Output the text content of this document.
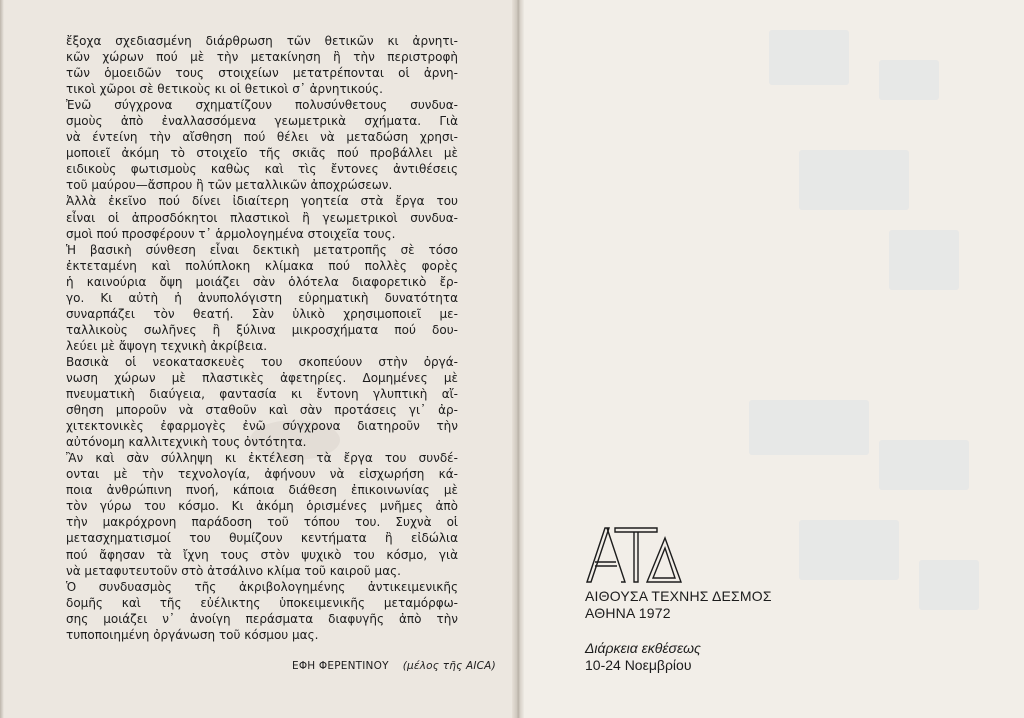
ἔξοχα σχεδιασμένη διάρθρωση τῶν θετικῶν κι ἀρνητι-
κῶν χώρων πού μὲ τὴν μετακίνηση ἢ τὴν περιστροφὴ
τῶν ὁμοειδῶν τους στοιχείων μετατρέπονται οἱ ἀρνη-
τικοὶ χῶροι σὲ θετικοὺς κι οἱ θετικοὶ σ᾽ ἀρνητικούς.
Ἐνῶ σύγχρονα σχηματίζουν πολυσύνθετους συνδυα-
σμοὺς ἀπὸ ἐναλλασσόμενα γεωμετρικὰ σχήματα. Γιὰ
νὰ έντείνη τὴν αἴσθηση πού θέλει νὰ μεταδώση χρησι-
μοποιεῖ ἀκόμη τὸ στοιχεῖο τῆς σκιᾶς πού προβάλλει μὲ
ειδικοὺς φωτισμοὺς καθὼς καὶ τὶς ἔντονες ἀντιθέσεις
τοῦ μαύρου—ἄσπρου ἢ τῶν μεταλλικῶν ἀποχρώσεων.
Ἀλλὰ ἐκεῖνο πού δίνει ἰδιαίτερη γοητεία στὰ ἔργα του
εἶναι οἱ ἀπροσδόκητοι πλαστικοὶ ἢ γεωμετρικοὶ συνδυα-
σμοὶ πού προσφέρουν τ᾽ ἁρμολογημένα στοιχεῖα τους.
Ἡ βασικὴ σύνθεση εἶναι δεκτικὴ μετατροπῆς σὲ τόσο
ἐκτεταμένη καὶ πολύπλοκη κλίμακα πού πολλὲς φορὲς
ἡ καινούρια ὄψη μοιάζει σὰν ὁλότελα διαφορετικὸ ἔρ-
γο. Κι αὐτὴ ἡ ἀνυπολόγιστη εὑρηματικὴ δυνατότητα
συναρπάζει τὸν θεατή. Σὰν ὑλικὸ χρησιμοποιεῖ με-
ταλλικοὺς σωλῆνες ἢ ξύλινα μικροσχήματα πού δου-
λεύει μὲ ἄψογη τεχνικὴ ἀκρίβεια.
Βασικὰ οἱ νεοκατασκευὲς του σκοπεύουν στὴν ὀργά-
νωση χώρων μὲ πλαστικὲς ἀφετηρίες. Δομημένες μὲ
πνευματικὴ διαύγεια, φαντασία κι ἔντονη γλυπτικὴ αἴ-
σθηση μποροῦν νὰ σταθοῦν καὶ σὰν προτάσεις γι᾽ ἀρ-
χιτεκτονικὲς ἐφαρμογὲς ἐνῶ σύγχρονα διατηροῦν τὴν
αὐτόνομη καλλιτεχνικὴ τους ὀντότητα.
Ἂν καὶ σὰν σύλληψη κι ἐκτέλεση τὰ ἔργα του συνδέ-
ονται μὲ τὴν τεχνολογία, ἀφήνουν νὰ εἰσχωρήση κά-
ποια ἀνθρώπινη πνοή, κάποια διάθεση ἐπικοινωνίας μὲ
τὸν γύρω του κόσμο. Κι ἀκόμη ὁρισμένες μνῆμες ἀπὸ
τὴν μακρόχρονη παράδοση τοῦ τόπου του. Συχνὰ οἱ
μετασχηματισμοί του θυμίζουν κεντήματα ἢ εἰδώλια
πού ἄφησαν τὰ ἴχνη τους στὸν ψυχικὸ του κόσμο, γιὰ
νὰ μεταφυτευτοῦν στὸ ἀτσάλινο κλίμα τοῦ καιροῦ μας.
Ὁ συνδυασμὸς τῆς ἀκριβολογημένης ἀντικειμενικῆς
δομῆς καὶ τῆς εὐέλικτης ὑποκειμενικῆς μεταμόρφω-
σης μοιάζει ν᾽ ἀνοίγη περάσματα διαφυγῆς ἀπὸ τὴν
τυποποιημένη ὀργάνωση τοῦ κόσμου μας.
ΕΦΗ ΦΕΡΕΝΤΙΝΟΥ (μέλος τῆς AICA)
ΑΙΘΟΥΣΑ ΤΕΧΝΗΣ ΔΕΣΜΟΣ
ΑΘΗΝΑ 1972
Διάρκεια εκθέσεως
10-24 Νοεμβρίου
